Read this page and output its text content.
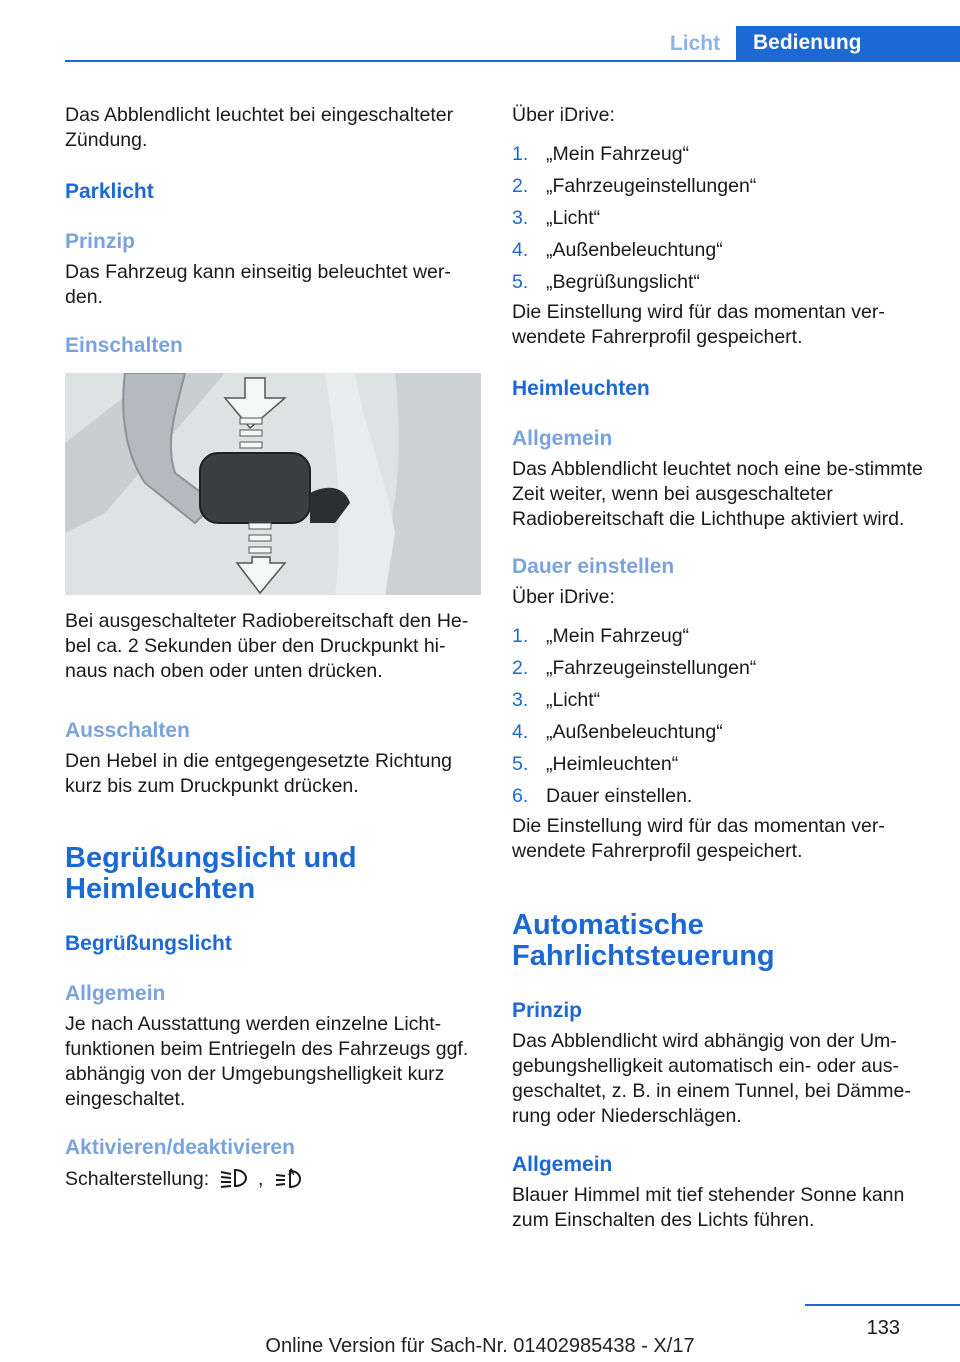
Licht	Bedienung

Das Abblendlicht leuchtet bei eingeschalteter Zündung.

Parklicht
Prinzip

Das Fahrzeug kann einseitig beleuchtet wer‐den.

Einschalten

Bei ausgeschalteter Radiobereitschaft den He‐bel ca. 2 Sekunden über den Druckpunkt hi‐naus nach oben oder unten drücken.

Ausschalten

Den Hebel in die entgegengesetzte Richtung kurz bis zum Druckpunkt drücken.

Begrüßungslicht und Heimleuchten
Begrüßungslicht
Allgemein

Je nach Ausstattung werden einzelne Licht‐funktionen beim Entriegeln des Fahrzeugs ggf. abhängig von der Umgebungshelligkeit kurz eingeschaltet.

Aktivieren/deaktivieren

Schalterstellung:	,	A

Über iDrive:

1. „Mein Fahrzeug“
2. „Fahrzeugeinstellungen“
3. „Licht“
4. „Außenbeleuchtung“
5. „Begrüßungslicht“

Die Einstellung wird für das momentan ver‐wendete Fahrerprofil gespeichert.

Heimleuchten
Allgemein

Das Abblendlicht leuchtet noch eine be‐stimmte Zeit weiter, wenn bei ausgeschalteter Radiobereitschaft die Lichthupe aktiviert wird.

Dauer einstellen

Über iDrive:

1. „Mein Fahrzeug“
2. „Fahrzeugeinstellungen“
3. „Licht“
4. „Außenbeleuchtung“
5. „Heimleuchten“
6. Dauer einstellen.

Die Einstellung wird für das momentan ver‐wendete Fahrerprofil gespeichert.

Automatische Fahrlichtsteuerung
Prinzip

Das Abblendlicht wird abhängig von der Um‐gebungshelligkeit automatisch ein- oder aus‐geschaltet, z. B. in einem Tunnel, bei Dämme‐rung oder Niederschlägen.

Allgemein

Blauer Himmel mit tief stehender Sonne kann zum Einschalten des Lichts führen.

133
Online Version für Sach-Nr. 01402985438 - X/17
